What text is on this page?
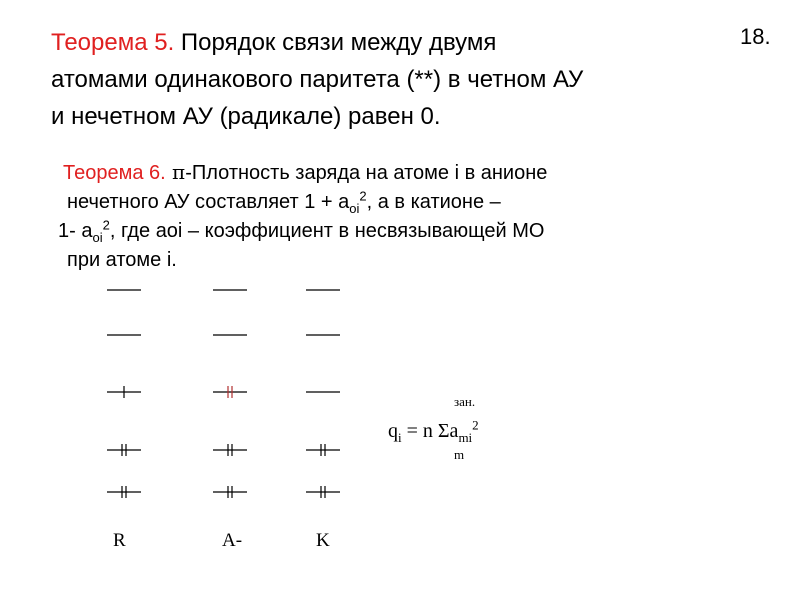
18.
Теорема 5. Порядок связи между двумя
атомами одинакового паритета (**) в четном АУ
и нечетном АУ (радикале) равен 0.
Теорема 6. π-Плотность заряда на атоме i в анионе
нечетного АУ составляет $1 + a_{oi}^2$, а в катионе –
1- $a_{oi}^2$, где aoi – коэффициент в несвязывающей МО
при атоме i.
R	A-	K
$q_i = n$ $\Sigma a_{mi}^2$
зан.
m
